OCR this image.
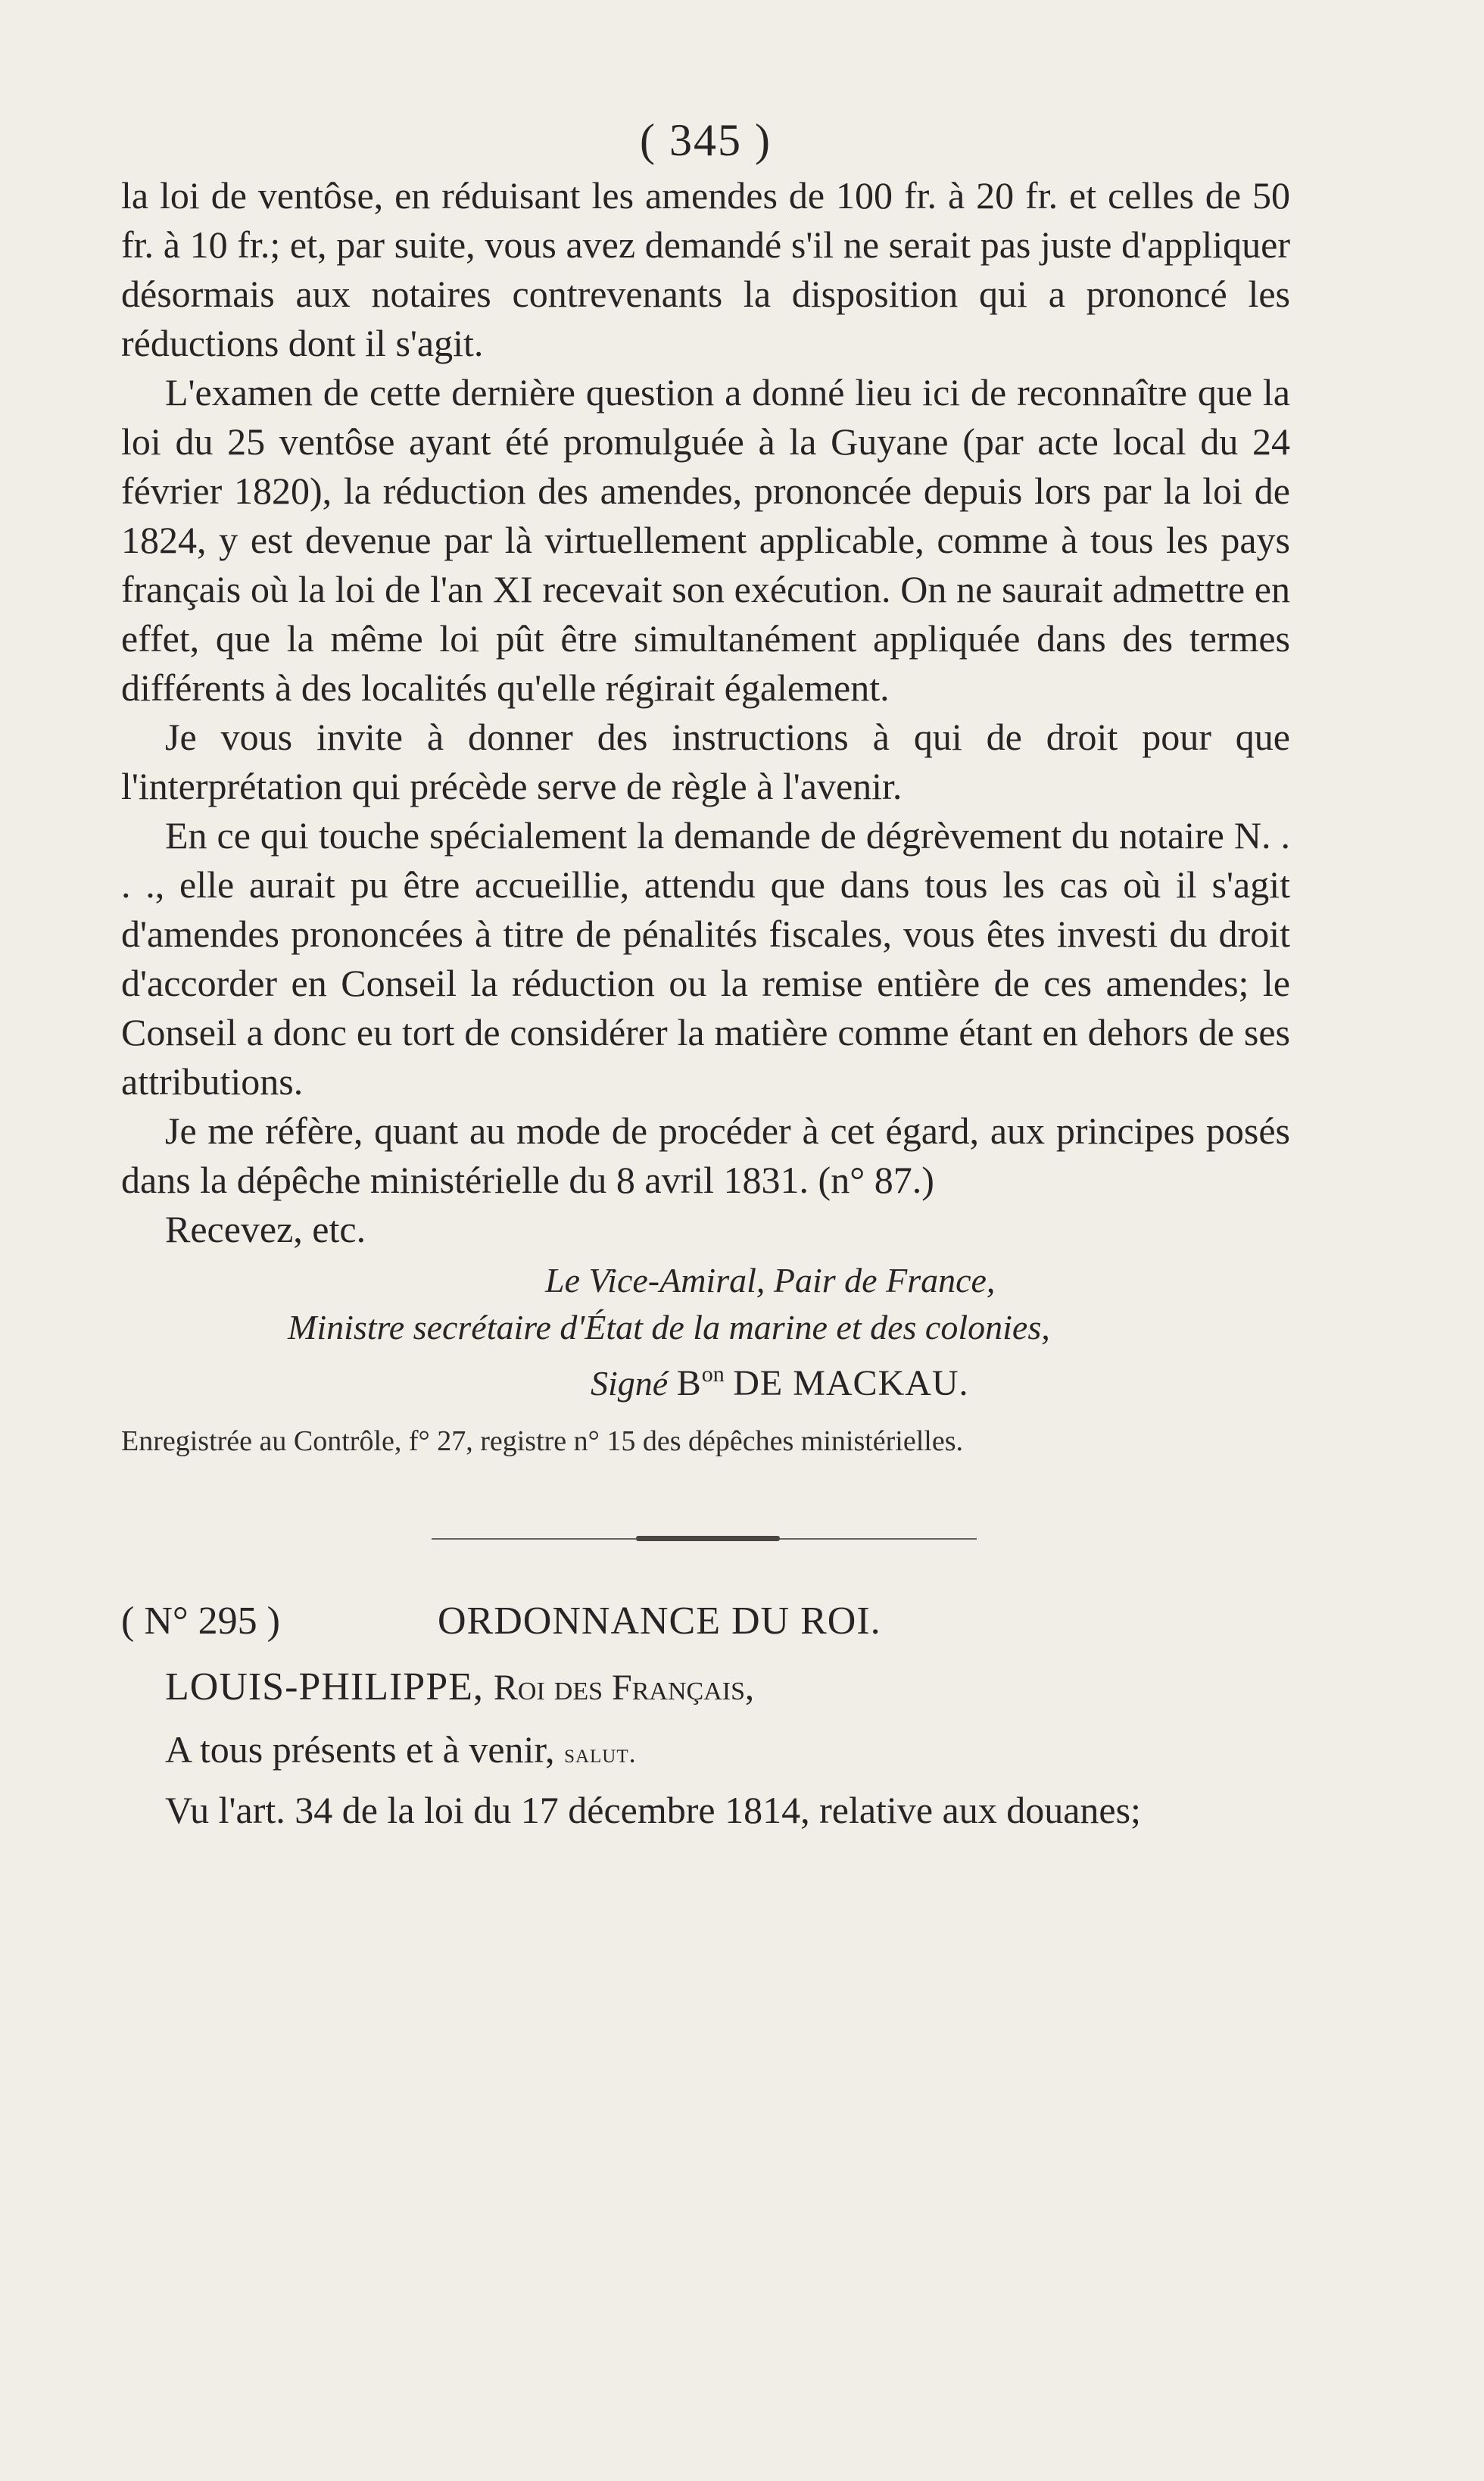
( 345 )

la loi de ventôse, en réduisant les amendes de 100 fr. à 20 fr. et celles de 50 fr. à 10 fr.; et, par suite, vous avez demandé s'il ne serait pas juste d'appliquer désormais aux notaires contrevenants la disposition qui a prononcé les réductions dont il s'agit.

L'examen de cette dernière question a donné lieu ici de reconnaître que la loi du 25 ventôse ayant été promulguée à la Guyane (par acte local du 24 février 1820), la réduction des amendes, prononcée depuis lors par la loi de 1824, y est devenue par là virtuellement applicable, comme à tous les pays français où la loi de l'an XI recevait son exécution. On ne saurait admettre en effet, que la même loi pût être simultanément appliquée dans des termes différents à des localités qu'elle régirait également.

Je vous invite à donner des instructions à qui de droit pour que l'interprétation qui précède serve de règle à l'avenir.

En ce qui touche spécialement la demande de dégrèvement du notaire N. . . ., elle aurait pu être accueillie, attendu que dans tous les cas où il s'agit d'amendes prononcées à titre de pénalités fiscales, vous êtes investi du droit d'accorder en Conseil la réduction ou la remise entière de ces amendes; le Conseil a donc eu tort de considérer la matière comme étant en dehors de ses attributions.

Je me réfère, quant au mode de procéder à cet égard, aux principes posés dans la dépêche ministérielle du 8 avril 1831. (n° 87.)

Recevez, etc.

Le Vice-Amiral, Pair de France,
Ministre secrétaire d'État de la marine et des colonies,
Signé $B^{on}$ DE MACKAU.
Enregistrée au Contrôle, f° 27, registre n° 15 des dépêches ministérielles.
( N° 295 )	ORDONNANCE DU ROI.
LOUIS-PHILIPPE, Roi des Français,
A tous présents et à venir, salut.

Vu l'art. 34 de la loi du 17 décembre 1814, relative aux douanes;
